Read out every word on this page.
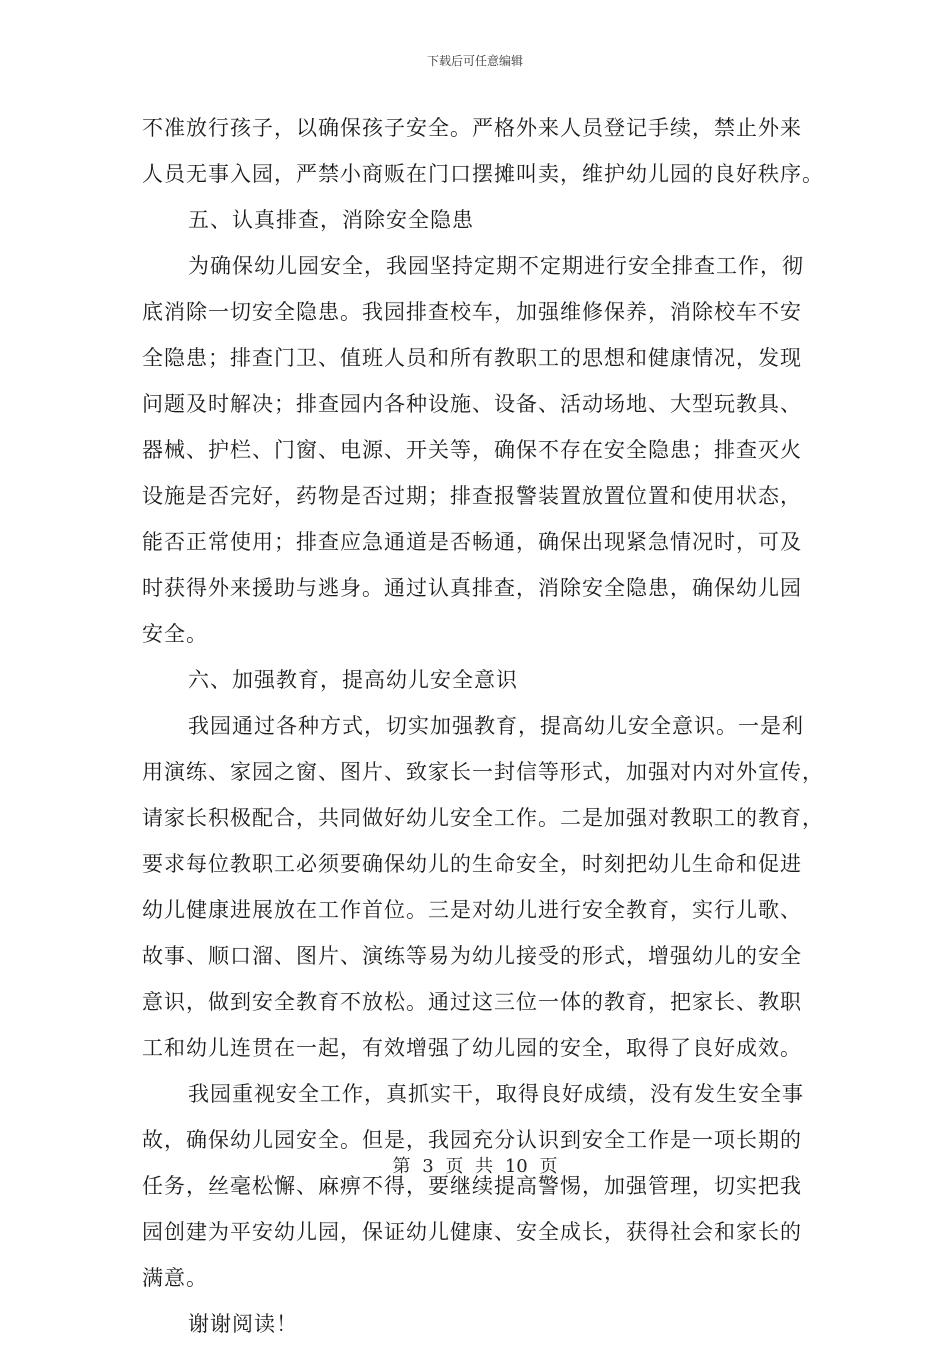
下载后可任意编辑
不准放行孩子，以确保孩子安全。严格外来人员登记手续，禁止外来
人员无事入园，严禁小商贩在门口摆摊叫卖，维护幼儿园的良好秩序。
五、认真排查，消除安全隐患
为确保幼儿园安全，我园坚持定期不定期进行安全排查工作，彻
底消除一切安全隐患。我园排查校车，加强维修保养，消除校车不安
全隐患；排查门卫、值班人员和所有教职工的思想和健康情况，发现
问题及时解决；排查园内各种设施、设备、活动场地、大型玩教具、
器械、护栏、门窗、电源、开关等，确保不存在安全隐患；排查灭火
设施是否完好，药物是否过期；排查报警装置放置位置和使用状态，
能否正常使用；排查应急通道是否畅通，确保出现紧急情况时，可及
时获得外来援助与逃身。通过认真排查，消除安全隐患，确保幼儿园
安全。
六、加强教育，提高幼儿安全意识
我园通过各种方式，切实加强教育，提高幼儿安全意识。一是利
用演练、家园之窗、图片、致家长一封信等形式，加强对内对外宣传，
请家长积极配合，共同做好幼儿安全工作。二是加强对教职工的教育，
要求每位教职工必须要确保幼儿的生命安全，时刻把幼儿生命和促进
幼儿健康进展放在工作首位。三是对幼儿进行安全教育，实行儿歌、
故事、顺口溜、图片、演练等易为幼儿接受的形式，增强幼儿的安全
意识，做到安全教育不放松。通过这三位一体的教育，把家长、教职
工和幼儿连贯在一起，有效增强了幼儿园的安全，取得了良好成效。
我园重视安全工作，真抓实干，取得良好成绩，没有发生安全事
故，确保幼儿园安全。但是，我园充分认识到安全工作是一项长期的
任务，丝毫松懈、麻痹不得，要继续提高警惕，加强管理，切实把我
园创建为平安幼儿园，保证幼儿健康、安全成长，获得社会和家长的
满意。
谢谢阅读！
第 3 页 共 10 页
